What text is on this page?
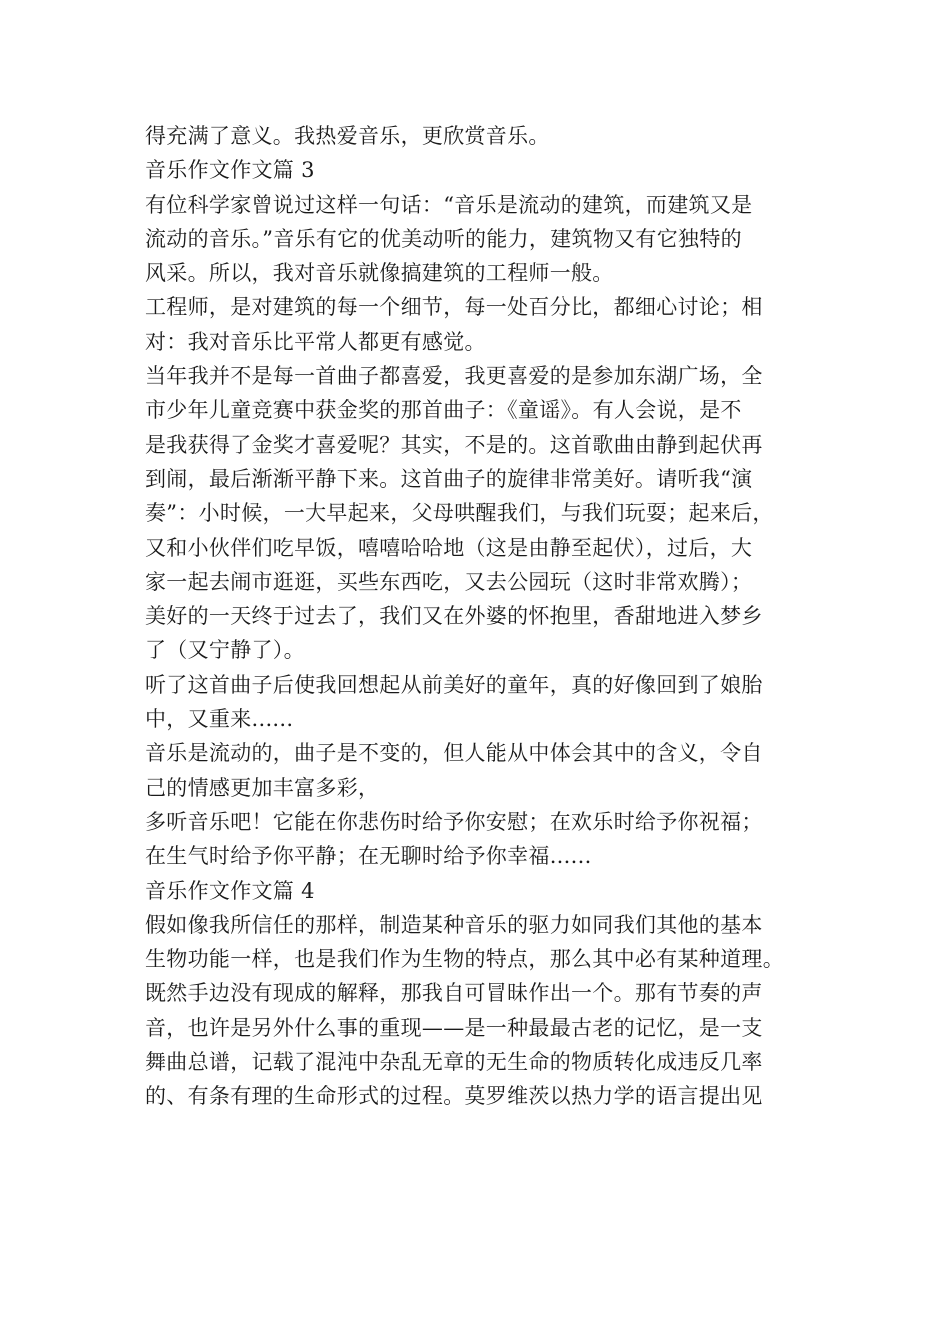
得充满了意义。我热爱音乐，更欣赏音乐。
音乐作文作文篇 3
有位科学家曾说过这样一句话：“音乐是流动的建筑，而建筑又是
流动的音乐。”音乐有它的优美动听的能力，建筑物又有它独特的
风采。所以，我对音乐就像搞建筑的工程师一般。
工程师，是对建筑的每一个细节，每一处百分比，都细心讨论；相
对：我对音乐比平常人都更有感觉。
当年我并不是每一首曲子都喜爱，我更喜爱的是参加东湖广场，全
市少年儿童竞赛中获金奖的那首曲子：《童谣》。有人会说，是不
是我获得了金奖才喜爱呢？其实，不是的。这首歌曲由静到起伏再
到闹，最后渐渐平静下来。这首曲子的旋律非常美好。请听我“演
奏”：小时候，一大早起来，父母哄醒我们，与我们玩耍；起来后，
又和小伙伴们吃早饭，嘻嘻哈哈地（这是由静至起伏），过后，大
家一起去闹市逛逛，买些东西吃，又去公园玩（这时非常欢腾）；
美好的一天终于过去了，我们又在外婆的怀抱里，香甜地进入梦乡
了（又宁静了）。
听了这首曲子后使我回想起从前美好的童年，真的好像回到了娘胎
中，又重来......
音乐是流动的，曲子是不变的，但人能从中体会其中的含义，令自
己的情感更加丰富多彩，
多听音乐吧！它能在你悲伤时给予你安慰；在欢乐时给予你祝福；
在生气时给予你平静；在无聊时给予你幸福......
音乐作文作文篇 4
假如像我所信任的那样，制造某种音乐的驱力如同我们其他的基本
生物功能一样，也是我们作为生物的特点，那么其中必有某种道理。
既然手边没有现成的解释，那我自可冒昧作出一个。那有节奏的声
音，也许是另外什么事的重现——是一种最最古老的记忆，是一支
舞曲总谱，记载了混沌中杂乱无章的无生命的物质转化成违反几率
的、有条有理的生命形式的过程。莫罗维茨以热力学的语言提出见
